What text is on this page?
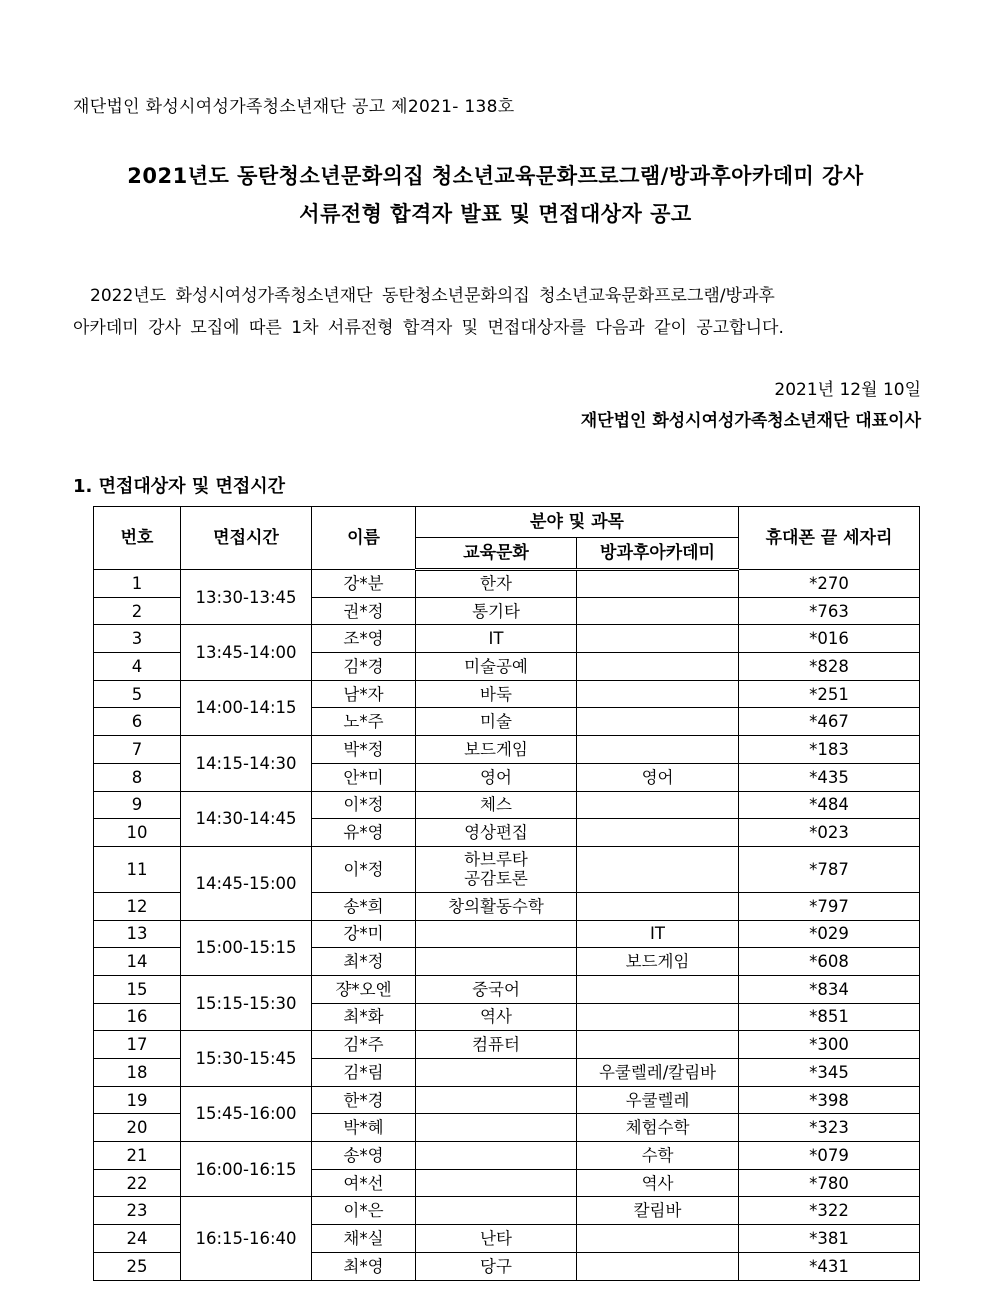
재단법인 화성시여성가족청소년재단 공고 제2021- 138호
2021년도 동탄청소년문화의집 청소년교육문화프로그램/방과후아카데미 강사
서류전형 합격자 발표 및 면접대상자 공고
2022년도 화성시여성가족청소년재단 동탄청소년문화의집 청소년교육문화프로그램/방과후
아카데미 강사 모집에 따른 1차 서류전형 합격자 및 면접대상자를 다음과 같이 공고합니다.
2021년 12월 10일
재단법인 화성시여성가족청소년재단 대표이사
1. 면접대상자 및 면접시간
번호	면접시간	이름	분야 및 과목		휴대폰 끝 세자리
			교육문화	방과후아카데미	
1	13:30-13:45	강*분	한자		*270
2		권*정	통기타		*763
3	13:45-14:00	조*영	IT		*016
4		김*경	미술공예		*828
5	14:00-14:15	남*자	바둑		*251
6		노*주	미술		*467
7	14:15-14:30	박*정	보드게임		*183
8		안*미	영어	영어	*435
9	14:30-14:45	이*정	체스		*484
10		유*영	영상편집		*023
11	14:45-15:00	이*정	하브루타
공감토론		*787
12		송*희	창의활동수학		*797
13	15:00-15:15	강*미		IT	*029
14		최*정		보드게임	*608
15	15:15-15:30	쟝*오엔	중국어		*834
16		최*화	역사		*851
17	15:30-15:45	김*주	컴퓨터		*300
18		김*림		우쿨렐레/칼림바	*345
19	15:45-16:00	한*경		우쿨렐레	*398
20		박*혜		체험수학	*323
21	16:00-16:15	송*영		수학	*079
22		여*선		역사	*780
23	16:15-16:40	이*은		칼림바	*322
24		채*실	난타		*381
25		최*영	당구		*431
